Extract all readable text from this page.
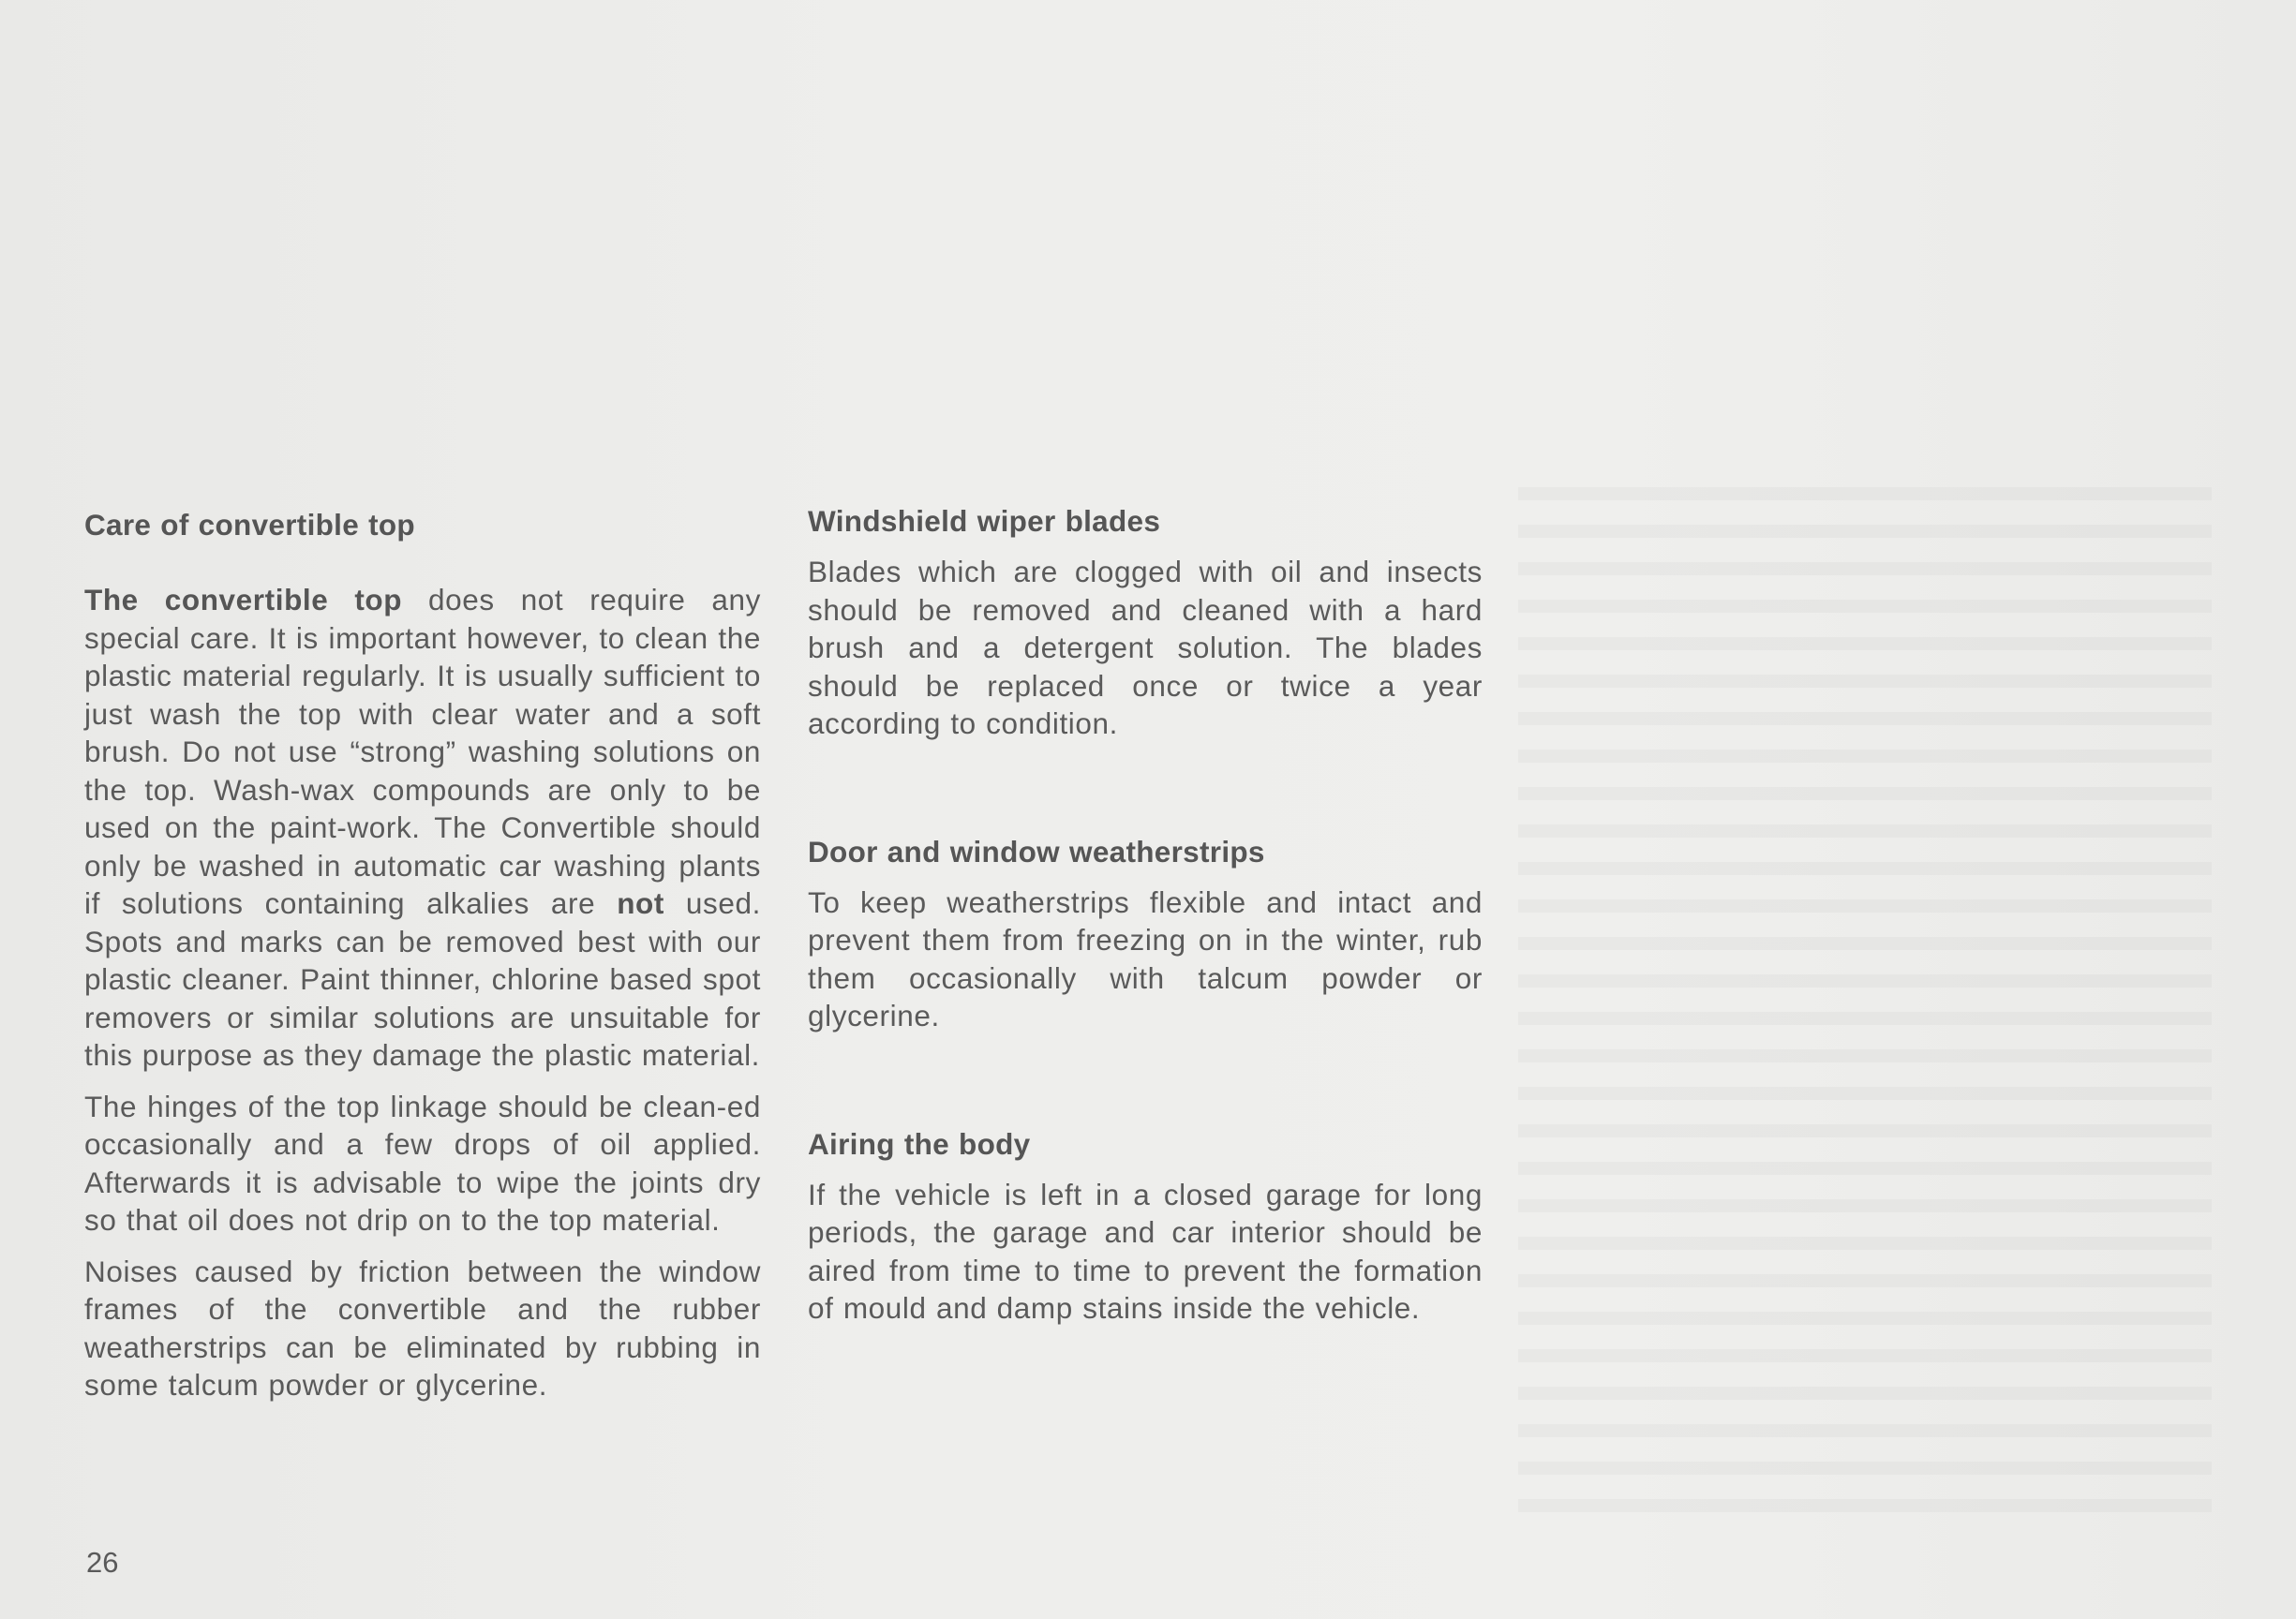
Care of convertible top

The convertible top does not require any special care. It is important however, to clean the plastic material regularly. It is usually sufficient to just wash the top with clear water and a soft brush. Do not use “strong” washing solutions on the top. Wash-wax compounds are only to be used on the paint-work. The Convertible should only be washed in automatic car washing plants if solutions containing alkalies are not used. Spots and marks can be removed best with our plastic cleaner. Paint thinner, chlorine based spot removers or similar solutions are unsuitable for this purpose as they damage the plastic material.

The hinges of the top linkage should be clean-ed occasionally and a few drops of oil applied. Afterwards it is advisable to wipe the joints dry so that oil does not drip on to the top material.

Noises caused by friction between the window frames of the convertible and the rubber weatherstrips can be eliminated by rubbing in some talcum powder or glycerine.

Windshield wiper blades

Blades which are clogged with oil and insects should be removed and cleaned with a hard brush and a detergent solution. The blades should be replaced once or twice a year according to condition.

Door and window weatherstrips

To keep weatherstrips flexible and intact and prevent them from freezing on in the winter, rub them occasionally with talcum powder or glycerine.

Airing the body

If the vehicle is left in a closed garage for long periods, the garage and car interior should be aired from time to time to prevent the formation of mould and damp stains inside the vehicle.

26
